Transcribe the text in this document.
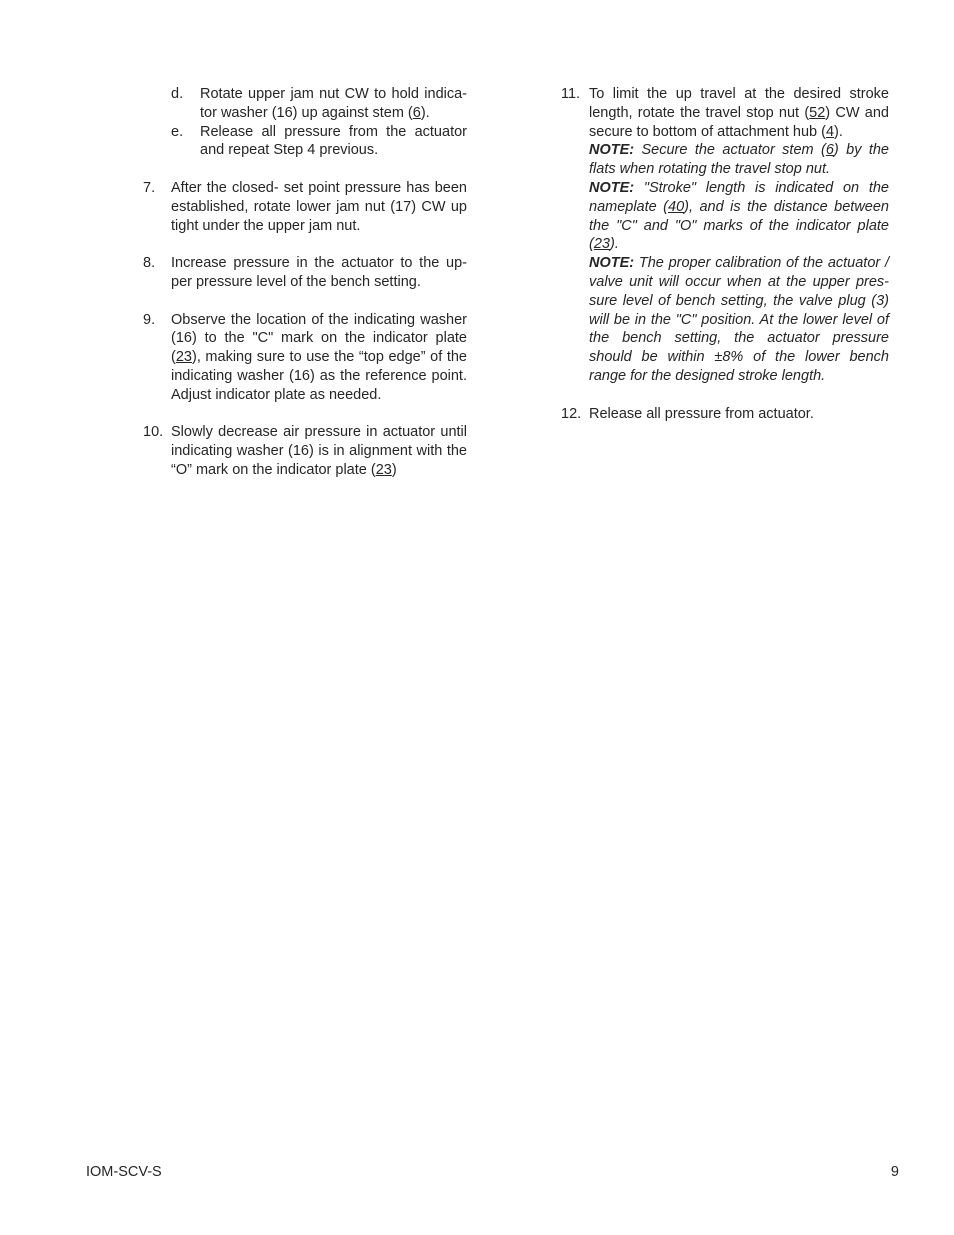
d. Rotate upper jam nut CW to hold indica-tor washer (16) up against stem (6).
e. Release all pressure from the actuator and repeat Step 4 previous.
7. After the closed- set point pressure has been established, rotate lower jam nut (17) CW up tight under the upper jam nut.
8. Increase pressure in the actuator to the up-per pressure level of the bench setting.
9. Observe the location of the indicating washer (16) to the "C" mark on the indicator plate (23), making sure to use the “top edge” of the indicating washer (16) as the reference point. Adjust indicator plate as needed.
10. Slowly decrease air pressure in actuator until indicating washer (16) is in alignment with the “O” mark on the indicator plate (23)
11. To limit the up travel at the desired stroke length, rotate the travel stop nut (52) CW and secure to bottom of attachment hub (4).
NOTE: Secure the actuator stem (6) by the flats when rotating the travel stop nut.
NOTE: "Stroke" length is indicated on the nameplate (40), and is the distance between the "C" and "O" marks of the indicator plate (23).
NOTE: The proper calibration of the actuator / valve unit will occur when at the upper pres-sure level of bench setting, the valve plug (3) will be in the "C" position. At the lower level of the bench setting, the actuator pressure should be within ±8% of the lower bench range for the designed stroke length.
12. Release all pressure from actuator.
IOM-SCV-S	9
